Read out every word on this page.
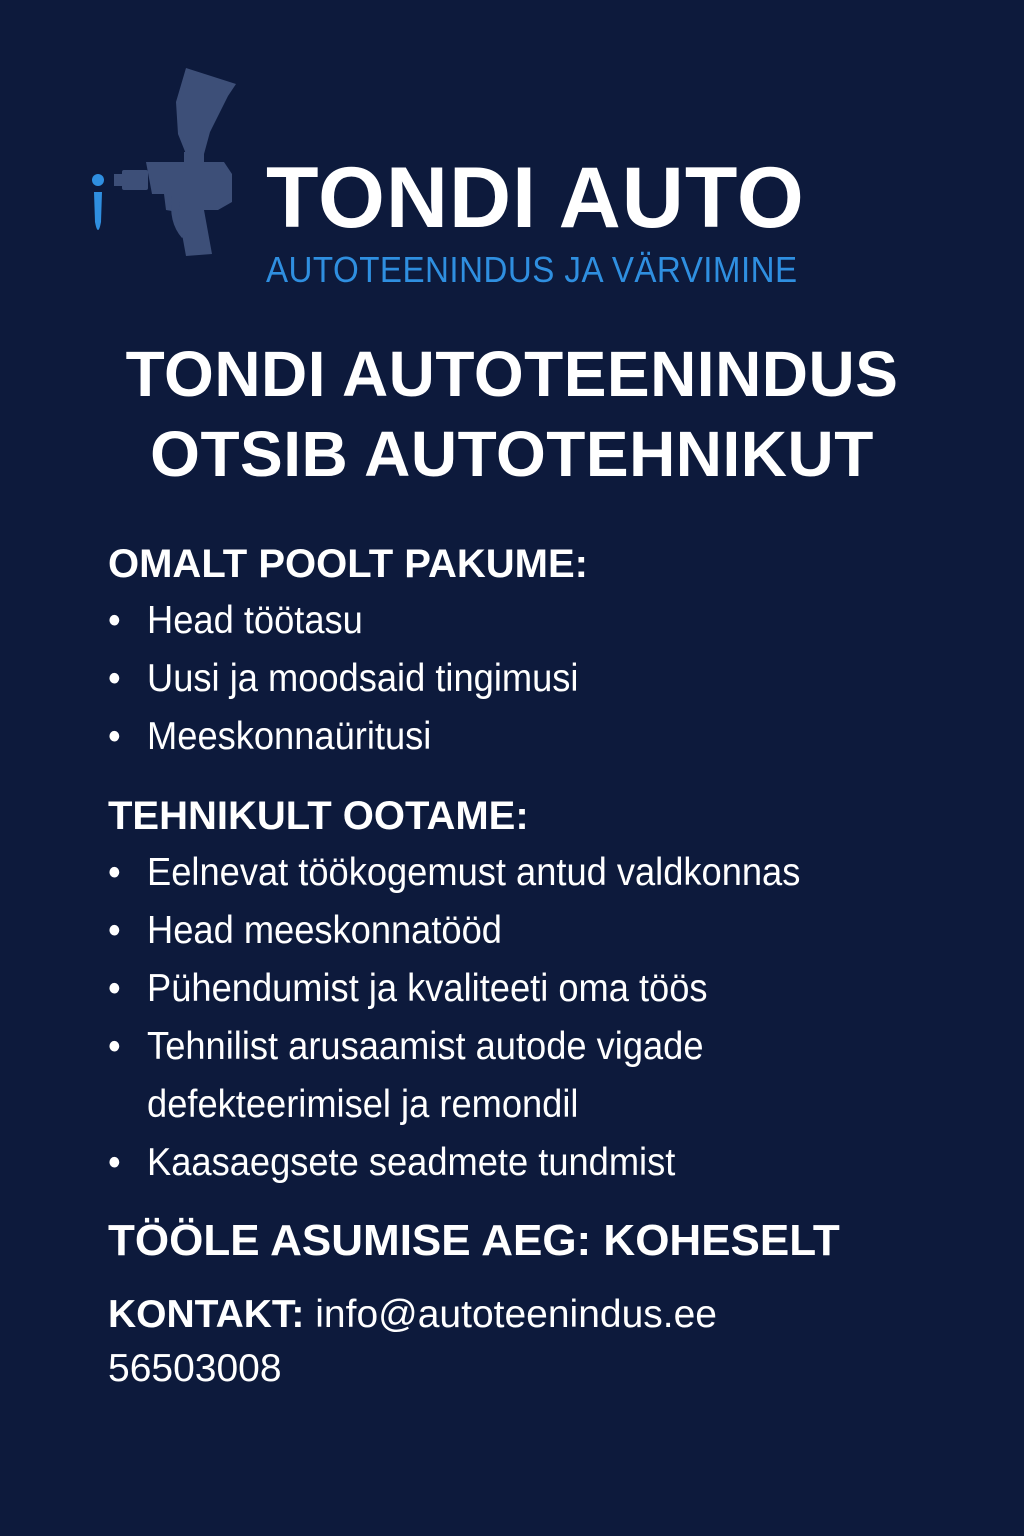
TONDI AUTO
AUTOTEENINDUS JA VÄRVIMINE
TONDI AUTOTEENINDUS
OTSIB AUTOTEHNIKUT
OMALT POOLT PAKUME:
• Head töötasu
• Uusi ja moodsaid tingimusi
• Meeskonnaüritusi
TEHNIKULT OOTAME:
• Eelnevat töökogemust antud valdkonnas
• Head meeskonnatööd
• Pühendumist ja kvaliteeti oma töös
• Tehnilist arusaamist autode vigade defekteerimisel ja remondil
• Kaasaegsete seadmete tundmist
TÖÖLE ASUMISE AEG: KOHESELT
KONTAKT: info@autoteenindus.ee
56503008
